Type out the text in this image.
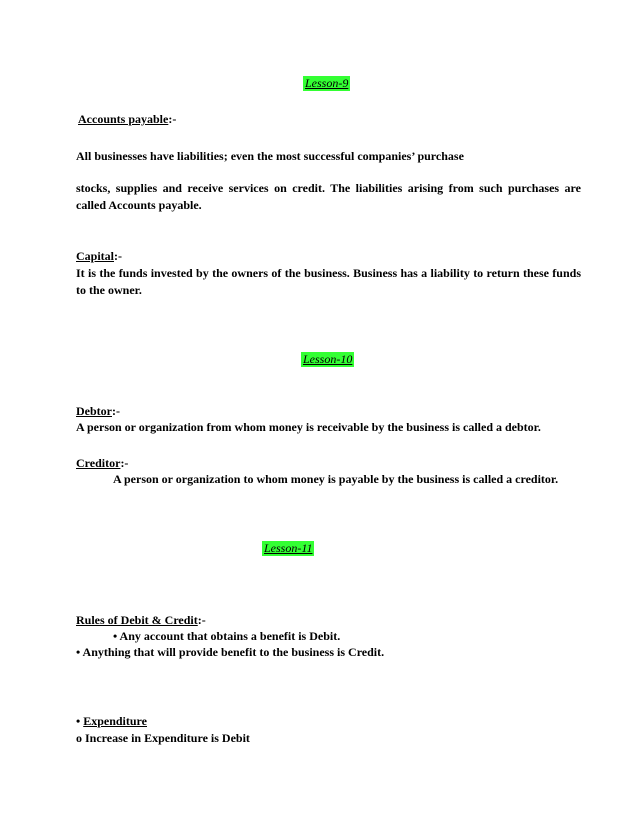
Lesson-9
Accounts payable:-
All businesses have liabilities; even the most successful companies’ purchase
stocks, supplies and receive services on credit. The liabilities arising from such purchases are called Accounts payable.
Capital:-
It is the funds invested by the owners of the business. Business has a liability to return these funds to the owner.
Lesson-10
Debtor:-
A person or organization from whom money is receivable by the business is called a debtor.
Creditor:-
A person or organization to whom money is payable by the business is called a creditor.
Lesson-11
Rules of Debit & Credit:-
• Any account that obtains a benefit is Debit.
• Anything that will provide benefit to the business is Credit.
• Expenditure
o Increase in Expenditure is Debit
